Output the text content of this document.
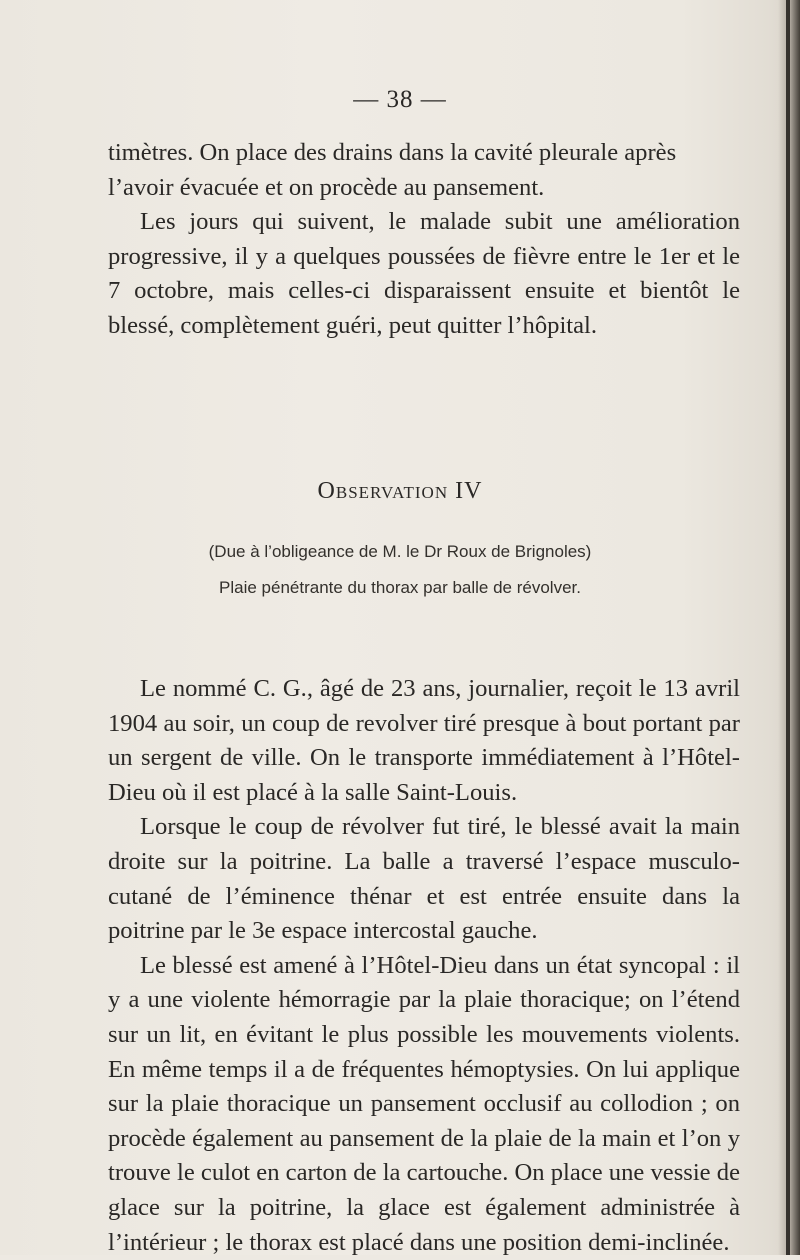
— 38 —

timètres. On place des drains dans la cavité pleurale après
l’avoir évacuée et on procède au pansement.

Les jours qui suivent, le malade subit une amélioration progressive, il y a quelques poussées de fièvre entre le 1er et le 7 octobre, mais celles-ci disparaissent ensuite et bientôt le blessé, complètement guéri, peut quitter l’hôpital.

Observation IV
(Due à l’obligeance de M. le Dr Roux de Brignoles)
Plaie pénétrante du thorax par balle de révolver.

Le nommé C. G., âgé de 23 ans, journalier, reçoit le 13 avril 1904 au soir, un coup de revolver tiré presque à bout portant par un sergent de ville. On le transporte immédiatement à l’Hôtel-Dieu où il est placé à la salle Saint-Louis.

Lorsque le coup de révolver fut tiré, le blessé avait la main droite sur la poitrine. La balle a traversé l’espace musculo-cutané de l’éminence thénar et est entrée ensuite dans la poitrine par le 3e espace intercostal gauche.

Le blessé est amené à l’Hôtel-Dieu dans un état syncopal : il y a une violente hémorragie par la plaie thoracique; on l’étend sur un lit, en évitant le plus possible les mouvements violents. En même temps il a de fréquentes hémoptysies. On lui applique sur la plaie thoracique un pansement occlusif au collodion ; on procède également au pansement de la plaie de la main et l’on y trouve le culot en carton de la cartouche. On place une vessie de glace sur la poitrine, la glace est également administrée à l’intérieur ; le thorax est placé dans une position demi-inclinée.
